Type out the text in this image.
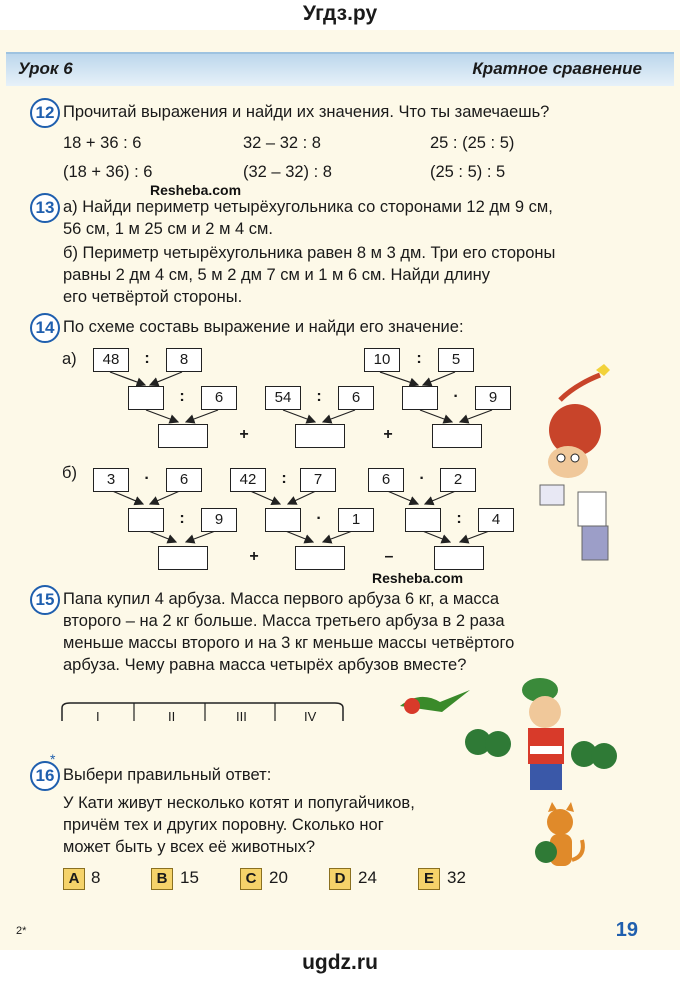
Угдз.ру
Урок 6	Кратное сравнение
12 Прочитай выражения и найди их значения. Что ты замечаешь?
18 + 36 : 6	32 – 32 : 8	25 : (25 : 5)
(18 + 36) : 6	(32 – 32) : 8	(25 : 5) : 5
Resheba.com
13 а) Найди периметр четырёхугольника со сторонами 12 дм 9 см,
56 см, 1 м 25 см и 2 м 4 см.
б) Периметр четырёхугольника равен 8 м 3 дм. Три его стороны
равны 2 дм 4 см, 5 м 2 дм 7 см и 1 м 6 см. Найди длину
его четвёртой стороны.
14 По схеме составь выражение и найди его значение:
а)
б)
48	:	8
:	6
+
54	:	6
+
10	:	5
·	9
3	·	6
:	9
+
42	:	7
·	1
–
6	·	2
:	4
Resheba.com
15 Папа купил 4 арбуза. Масса первого арбуза 6 кг, а масса
второго – на 2 кг больше. Масса третьего арбуза в 2 раза
меньше массы второго и на 3 кг меньше массы четвёртого
арбуза. Чему равна масса четырёх арбузов вместе?
I	II	III	IV
16
*
Выбери правильный ответ:
У Кати живут несколько котят и попугайчиков,
причём тех и других поровну. Сколько ног
может быть у всех её животных?
A 8	B 15	C 20	D 24	E 32
2*	19
ugdz.ru
